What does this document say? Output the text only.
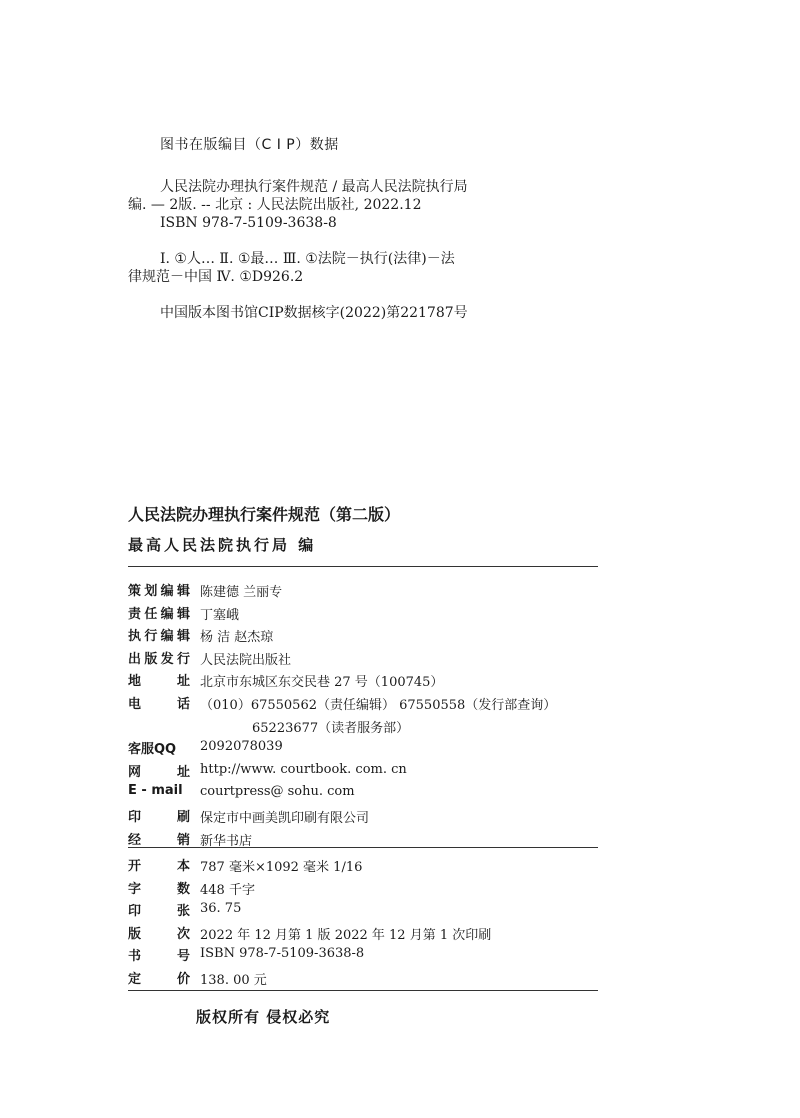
图书在版编目（C I P）数据
人民法院办理执行案件规范 / 最高人民法院执行局
编. — 2版. -- 北京 : 人民法院出版社, 2022.12
ISBN 978-7-5109-3638-8
Ⅰ. ①人… Ⅱ. ①最… Ⅲ. ①法院－执行(法律)－法
律规范－中国 Ⅳ. ①D926.2
中国版本图书馆CIP数据核字(2022)第221787号
人民法院办理执行案件规范（第二版）
最高人民法院执行局 编
策 划 编 辑 陈建德 兰丽专
责 任 编 辑 丁塞峨
执 行 编 辑 杨 洁 赵杰琼
出 版 发 行 人民法院出版社
地	址 北京市东城区东交民巷 27 号（100745）
电	话 （010）67550562（责任编辑） 67550558（发行部查询）
65223677（读者服务部）
客服QQ 2092078039
网	址 http://www. courtbook. com. cn
E - mail courtpress@ sohu. com
印	刷 保定市中画美凯印刷有限公司
经	销 新华书店
开	本 787 毫米×1092 毫米 1/16
字	数 448 千字
印	张 36. 75
版	次 2022 年 12 月第 1 版 2022 年 12 月第 1 次印刷
书	号 ISBN 978-7-5109-3638-8
定	价 138. 00 元
版权所有 侵权必究
